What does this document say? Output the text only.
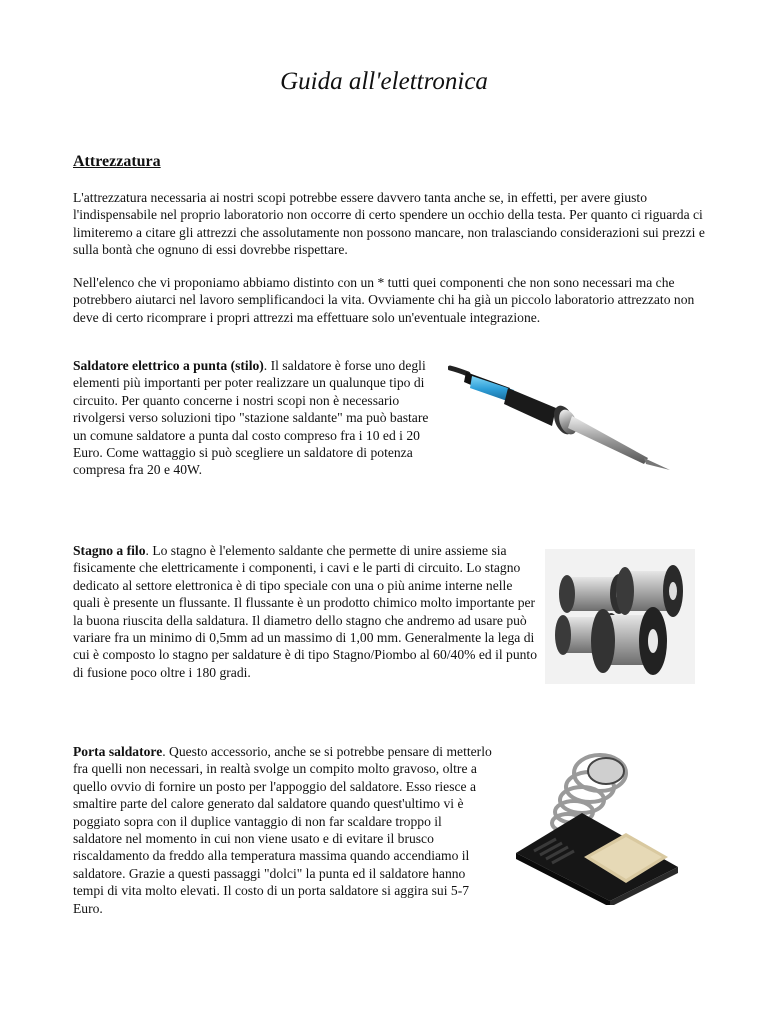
Guida all'elettronica
Attrezzatura

L'attrezzatura necessaria ai nostri scopi potrebbe essere davvero tanta anche se, in effetti, per avere giusto l'indispensabile nel proprio laboratorio non occorre di certo spendere un occhio della testa. Per quanto ci riguarda ci limiteremo a citare gli attrezzi che assolutamente non possono mancare, non tralasciando considerazioni sui prezzi e sulla bontà che ognuno di essi dovrebbe rispettare.

Nell'elenco che vi proponiamo abbiamo distinto con un * tutti quei componenti che non sono necessari ma che potrebbero aiutarci nel lavoro semplificandoci la vita. Ovviamente chi ha già un piccolo laboratorio attrezzato non deve di certo ricomprare i propri attrezzi ma effettuare solo un'eventuale integrazione.

Saldatore elettrico a punta (stilo). Il saldatore è forse uno degli elementi più importanti per poter realizzare un qualunque tipo di circuito. Per quanto concerne i nostri scopi non è necessario rivolgersi verso soluzioni tipo "stazione saldante" ma può bastare un comune saldatore a punta dal costo compreso fra i 10 ed i 20 Euro. Come wattaggio si può scegliere un saldatore di potenza compresa fra 20 e 40W.

Stagno a filo. Lo stagno è l'elemento saldante che permette di unire assieme sia fisicamente che elettricamente i componenti, i cavi e le parti di circuito. Lo stagno dedicato al settore elettronica è di tipo speciale con una o più anime interne nelle quali è presente un flussante. Il flussante è un prodotto chimico molto importante per la buona riuscita della saldatura. Il diametro dello stagno che andremo ad usare può variare fra un minimo di 0,5mm ad un massimo di 1,00 mm. Generalmente la lega di cui è composto lo stagno per saldature è di tipo Stagno/Piombo al 60/40% ed il punto di fusione poco oltre i 180 gradi.

Porta saldatore. Questo accessorio, anche se si potrebbe pensare di metterlo fra quelli non necessari, in realtà svolge un compito molto gravoso, oltre a quello ovvio di fornire un posto per l'appoggio del saldatore. Esso riesce a smaltire parte del calore generato dal saldatore quando quest'ultimo vi è poggiato sopra con il duplice vantaggio di non far scaldare troppo il saldatore nel momento in cui non viene usato e di evitare il brusco riscaldamento da freddo alla temperatura massima quando accendiamo il saldatore. Grazie a questi passaggi "dolci" la punta ed il saldatore hanno tempi di vita molto elevati. Il costo di un porta saldatore si aggira sui 5-7 Euro.
